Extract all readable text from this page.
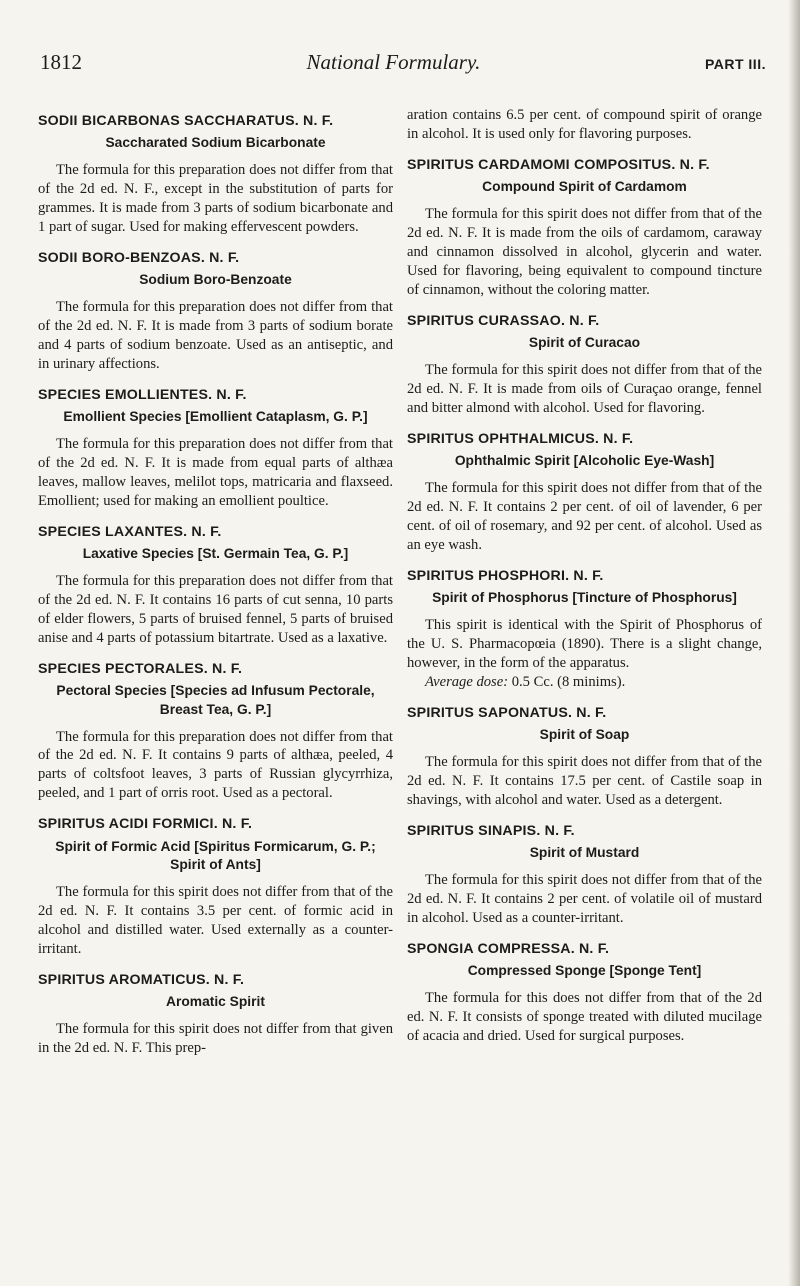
1812	National Formulary.	PART III.
SODII BICARBONAS SACCHARATUS. N. F.
Saccharated Sodium Bicarbonate

The formula for this preparation does not differ from that of the 2d ed. N. F., except in the substitution of parts for grammes. It is made from 3 parts of sodium bicarbonate and 1 part of sugar. Used for making effervescent powders.

SODII BORO-BENZOAS. N. F.
Sodium Boro-Benzoate

The formula for this preparation does not differ from that of the 2d ed. N. F. It is made from 3 parts of sodium borate and 4 parts of sodium benzoate. Used as an antiseptic, and in urinary affections.

SPECIES EMOLLIENTES. N. F.
Emollient Species [Emollient Cataplasm, G. P.]

The formula for this preparation does not differ from that of the 2d ed. N. F. It is made from equal parts of althæa leaves, mallow leaves, melilot tops, matricaria and flaxseed. Emollient; used for making an emollient poultice.

SPECIES LAXANTES. N. F.
Laxative Species [St. Germain Tea, G. P.]

The formula for this preparation does not differ from that of the 2d ed. N. F. It contains 16 parts of cut senna, 10 parts of elder flowers, 5 parts of bruised fennel, 5 parts of bruised anise and 4 parts of potassium bitartrate. Used as a laxative.

SPECIES PECTORALES. N. F.
Pectoral Species [Species ad Infusum Pectorale, Breast Tea, G. P.]

The formula for this preparation does not differ from that of the 2d ed. N. F. It contains 9 parts of althæa, peeled, 4 parts of coltsfoot leaves, 3 parts of Russian glycyrrhiza, peeled, and 1 part of orris root. Used as a pectoral.

SPIRITUS ACIDI FORMICI. N. F.
Spirit of Formic Acid [Spiritus Formicarum, G. P.; Spirit of Ants]

The formula for this spirit does not differ from that of the 2d ed. N. F. It contains 3.5 per cent. of formic acid in alcohol and distilled water. Used externally as a counter-irritant.

SPIRITUS AROMATICUS. N. F.
Aromatic Spirit

The formula for this spirit does not differ from that given in the 2d ed. N. F. This prep-

aration contains 6.5 per cent. of compound spirit of orange in alcohol. It is used only for flavoring purposes.

SPIRITUS CARDAMOMI COMPOSITUS. N. F.
Compound Spirit of Cardamom

The formula for this spirit does not differ from that of the 2d ed. N. F. It is made from the oils of cardamom, caraway and cinnamon dissolved in alcohol, glycerin and water. Used for flavoring, being equivalent to compound tincture of cinnamon, without the coloring matter.

SPIRITUS CURASSAO. N. F.
Spirit of Curacao

The formula for this spirit does not differ from that of the 2d ed. N. F. It is made from oils of Curaçao orange, fennel and bitter almond with alcohol. Used for flavoring.

SPIRITUS OPHTHALMICUS. N. F.
Ophthalmic Spirit [Alcoholic Eye-Wash]

The formula for this spirit does not differ from that of the 2d ed. N. F. It contains 2 per cent. of oil of lavender, 6 per cent. of oil of rosemary, and 92 per cent. of alcohol. Used as an eye wash.

SPIRITUS PHOSPHORI. N. F.
Spirit of Phosphorus [Tincture of Phosphorus]

This spirit is identical with the Spirit of Phosphorus of the U. S. Pharmacopœia (1890). There is a slight change, however, in the form of the apparatus.

Average dose: 0.5 Cc. (8 minims).

SPIRITUS SAPONATUS. N. F.
Spirit of Soap

The formula for this spirit does not differ from that of the 2d ed. N. F. It contains 17.5 per cent. of Castile soap in shavings, with alcohol and water. Used as a detergent.

SPIRITUS SINAPIS. N. F.
Spirit of Mustard

The formula for this spirit does not differ from that of the 2d ed. N. F. It contains 2 per cent. of volatile oil of mustard in alcohol. Used as a counter-irritant.

SPONGIA COMPRESSA. N. F.
Compressed Sponge [Sponge Tent]

The formula for this does not differ from that of the 2d ed. N. F. It consists of sponge treated with diluted mucilage of acacia and dried. Used for surgical purposes.
